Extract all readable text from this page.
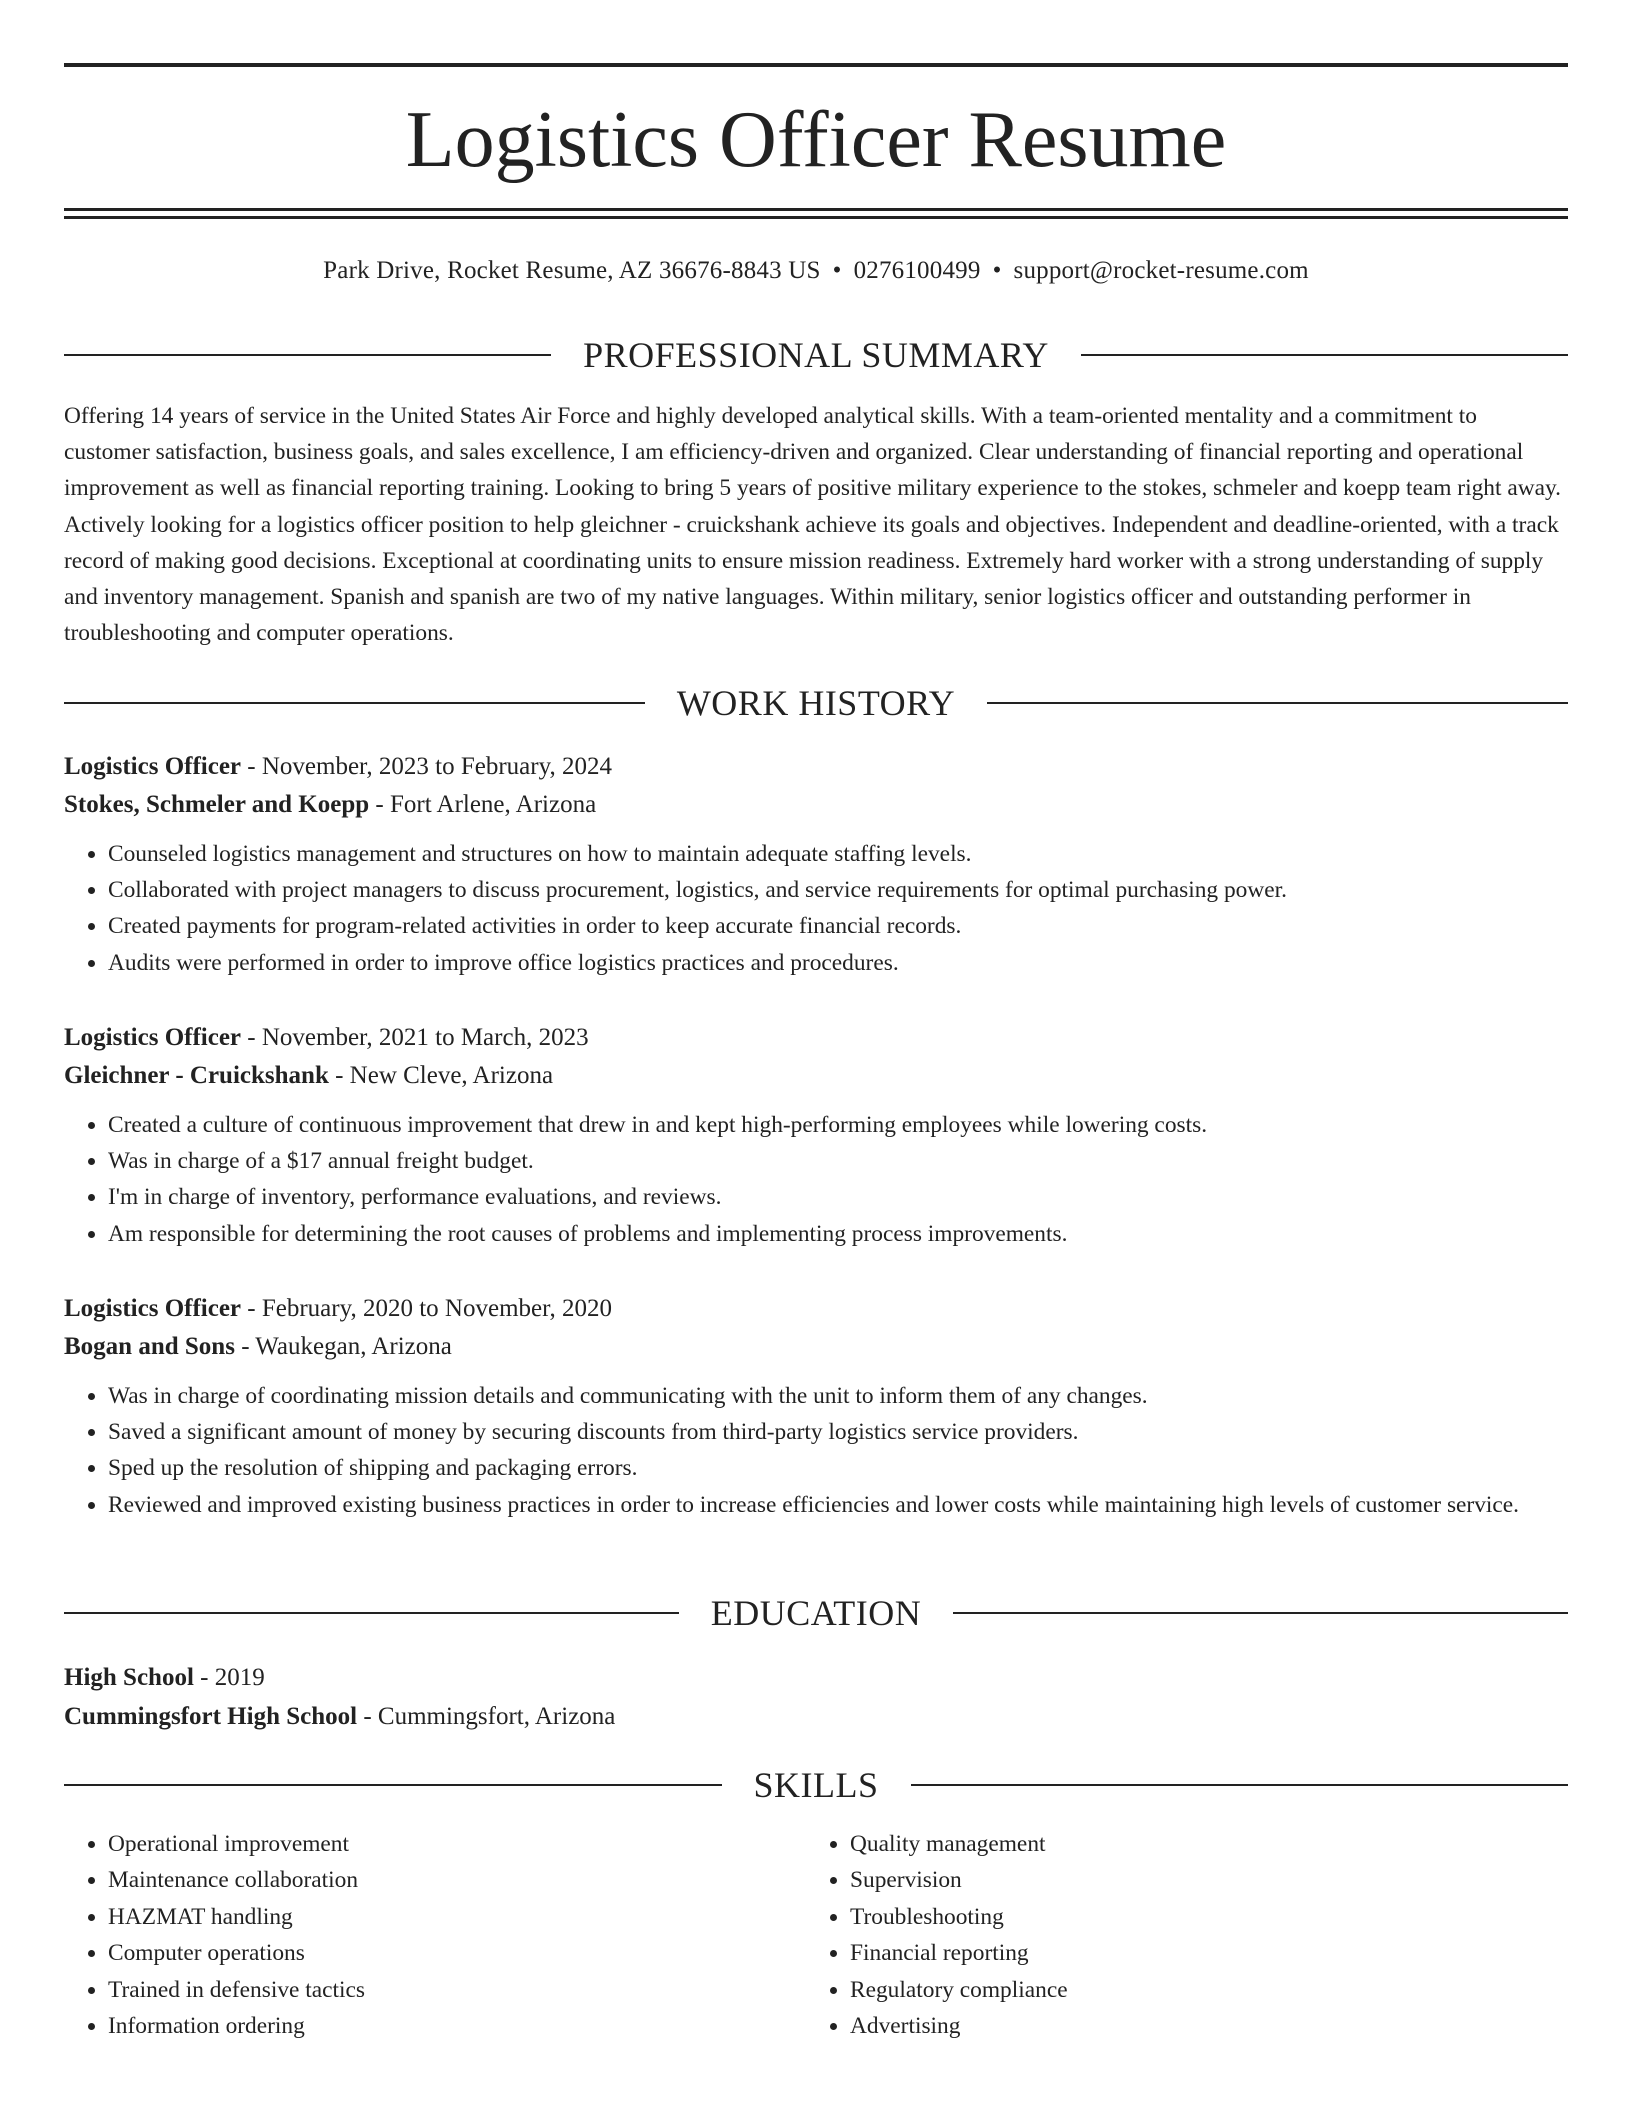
Logistics Officer Resume
Park Drive, Rocket Resume, AZ 36676-8843 US • 0276100499 • support@rocket-resume.com
PROFESSIONAL SUMMARY

Offering 14 years of service in the United States Air Force and highly developed analytical skills. With a team-oriented mentality and a commitment to customer satisfaction, business goals, and sales excellence, I am efficiency-driven and organized. Clear understanding of financial reporting and operational improvement as well as financial reporting training. Looking to bring 5 years of positive military experience to the stokes, schmeler and koepp team right away. Actively looking for a logistics officer position to help gleichner - cruickshank achieve its goals and objectives. Independent and deadline-oriented, with a track record of making good decisions. Exceptional at coordinating units to ensure mission readiness. Extremely hard worker with a strong understanding of supply and inventory management. Spanish and spanish are two of my native languages. Within military, senior logistics officer and outstanding performer in troubleshooting and computer operations.

WORK HISTORY
Logistics Officer - November, 2023 to February, 2024
Stokes, Schmeler and Koepp - Fort Arlene, Arizona
• Counseled logistics management and structures on how to maintain adequate staffing levels.
• Collaborated with project managers to discuss procurement, logistics, and service requirements for optimal purchasing power.
• Created payments for program-related activities in order to keep accurate financial records.
• Audits were performed in order to improve office logistics practices and procedures.
Logistics Officer - November, 2021 to March, 2023
Gleichner - Cruickshank - New Cleve, Arizona
• Created a culture of continuous improvement that drew in and kept high-performing employees while lowering costs.
• Was in charge of a $17 annual freight budget.
• I'm in charge of inventory, performance evaluations, and reviews.
• Am responsible for determining the root causes of problems and implementing process improvements.
Logistics Officer - February, 2020 to November, 2020
Bogan and Sons - Waukegan, Arizona
• Was in charge of coordinating mission details and communicating with the unit to inform them of any changes.
• Saved a significant amount of money by securing discounts from third-party logistics service providers.
• Sped up the resolution of shipping and packaging errors.
• Reviewed and improved existing business practices in order to increase efficiencies and lower costs while maintaining high levels of customer service.
EDUCATION
High School - 2019
Cummingsfort High School - Cummingsfort, Arizona
SKILLS
• Operational improvement
• Maintenance collaboration
• HAZMAT handling
• Computer operations
• Trained in defensive tactics
• Information ordering
• Quality management
• Supervision
• Troubleshooting
• Financial reporting
• Regulatory compliance
• Advertising
